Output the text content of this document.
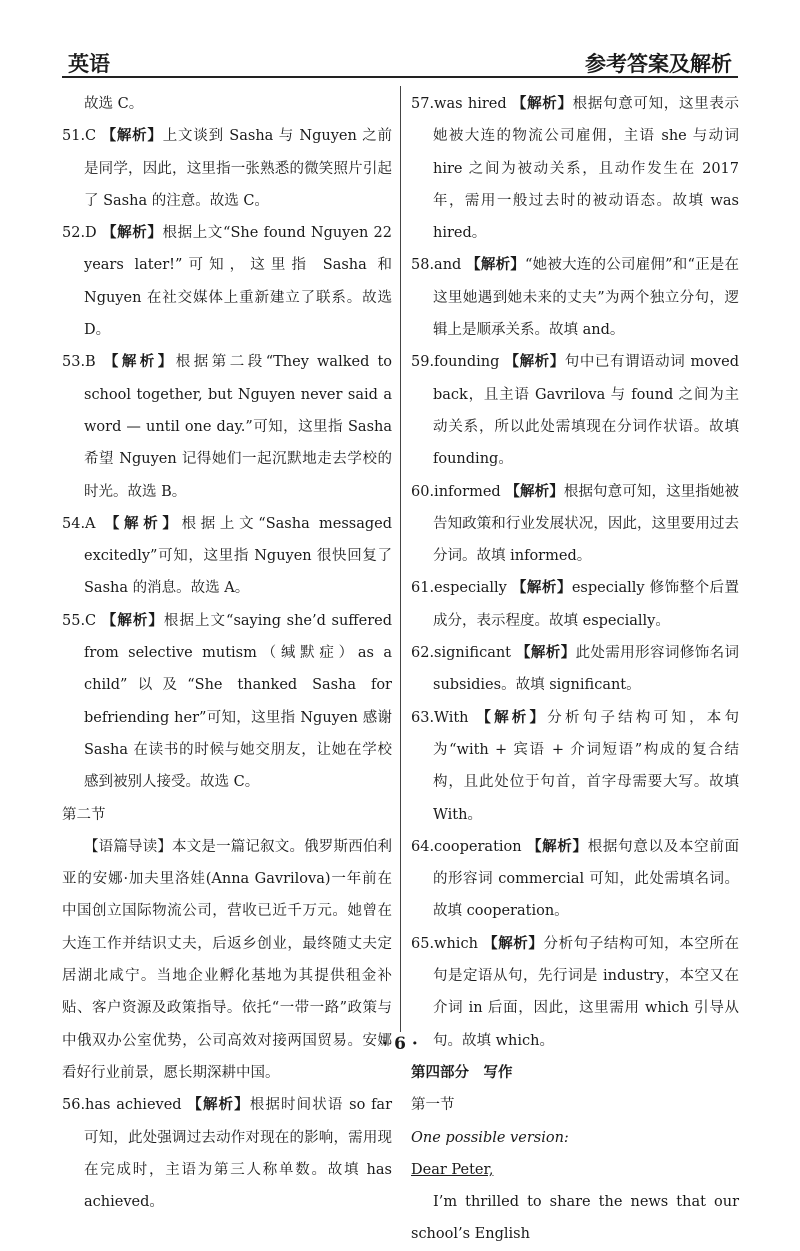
英语	参考答案及解析
故选 C。
51.C 【解析】上文谈到 Sasha 与 Nguyen 之前是同学，因此，这里指一张熟悉的微笑照片引起了 Sasha 的注意。故选 C。
52.D 【解析】根据上文“She found Nguyen 22 years later!”可知，这里指 Sasha 和 Nguyen 在社交媒体上重新建立了联系。故选 D。
53.B 【解析】根据第二段“They walked to school together, but Nguyen never said a word — until one day.”可知，这里指 Sasha 希望 Nguyen 记得她们一起沉默地走去学校的时光。故选 B。
54.A 【解析】根据上文“Sasha messaged excitedly”可知，这里指 Nguyen 很快回复了 Sasha 的消息。故选 A。
55.C 【解析】根据上文“saying she’d suffered from selective mutism（缄默症）as a child”以及“She thanked Sasha for befriending her”可知，这里指 Nguyen 感谢 Sasha 在读书的时候与她交朋友，让她在学校感到被别人接受。故选 C。
第二节
【语篇导读】本文是一篇记叙文。俄罗斯西伯利亚的安娜·加夫里洛娃(Anna Gavrilova)一年前在中国创立国际物流公司，营收已近千万元。她曾在大连工作并结识丈夫，后返乡创业，最终随丈夫定居湖北咸宁。当地企业孵化基地为其提供租金补贴、客户资源及政策指导。依托“一带一路”政策与中俄双办公室优势，公司高效对接两国贸易。安娜看好行业前景，愿长期深耕中国。
56.has achieved 【解析】根据时间状语 so far 可知，此处强调过去动作对现在的影响，需用现在完成时，主语为第三人称单数。故填 has achieved。
57.was hired 【解析】根据句意可知，这里表示她被大连的物流公司雇佣，主语 she 与动词 hire 之间为被动关系，且动作发生在 2017 年，需用一般过去时的被动语态。故填 was hired。
58.and 【解析】“她被大连的公司雇佣”和“正是在这里她遇到她未来的丈夫”为两个独立分句，逻辑上是顺承关系。故填 and。
59.founding 【解析】句中已有谓语动词 moved back，且主语 Gavrilova 与 found 之间为主动关系，所以此处需填现在分词作状语。故填 founding。
60.informed 【解析】根据句意可知，这里指她被告知政策和行业发展状况，因此，这里要用过去分词。故填 informed。
61.especially 【解析】especially 修饰整个后置成分，表示程度。故填 especially。
62.significant 【解析】此处需用形容词修饰名词 subsidies。故填 significant。
63.With 【解析】分析句子结构可知，本句为“with + 宾语 + 介词短语”构成的复合结构，且此处位于句首，首字母需要大写。故填 With。
64.cooperation 【解析】根据句意以及本空前面的形容词 commercial 可知，此处需填名词。故填 cooperation。
65.which 【解析】分析句子结构可知，本空所在句是定语从句，先行词是 industry，本空又在介词 in 后面，因此，这里需用 which 引导从句。故填 which。
第四部分　写作
第一节
One possible version:
Dear Peter,
I’m thrilled to share the news that our school’s English
· 6 ·
